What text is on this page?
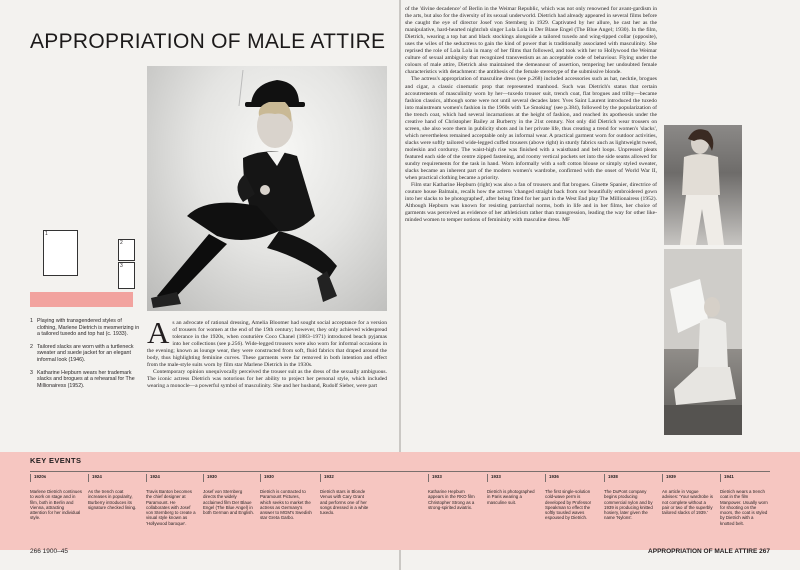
APPROPRIATION OF MALE ATTIRE
1
2
3

1 Playing with transgendered styles of clothing, Marlene Dietrich is mesmerizing in a tailored tuxedo and top hat (c. 1933).

2 Tailored slacks are worn with a turtleneck sweater and suede jacket for an elegant informal look (1946).

3 Katharine Hepburn wears her trademark slacks and brogues at a rehearsal for The Millionairess (1952).

As an advocate of rational dressing, Amelia Bloomer had sought social acceptance for a version of trousers for women at the end of the 19th century; however, they only achieved widespread tolerance in the 1920s, when couturière Coco Chanel (1883–1971) introduced beach pyjamas into her collections (see p.256). Wide-legged trousers were also worn for informal occasions in the evening; known as lounge wear, they were constructed from soft, fluid fabrics that draped around the body, thus highlighting feminine curves. These garments were far removed in both intention and effect from the male-style suits worn by film star Marlene Dietrich in the 1930s.

Contemporary opinion unequivocally perceived the trouser suit as the dress of the sexually ambiguous. The iconic actress Dietrich was notorious for her ability to project her personal style, which included wearing a monocle—a powerful symbol of masculinity. She and her husband, Rudolf Sieber, were part

of the 'divine decadence' of Berlin in the Weimar Republic, which was not only renowned for avant-gardism in the arts, but also for the diversity of its sexual underworld. Dietrich had already appeared in several films before she caught the eye of director Josef von Sternberg in 1929. Captivated by her allure, he cast her as the manipulative, hard-hearted nightclub singer Lola Lola in Der Blaue Engel (The Blue Angel; 1930). In the film, Dietrich, wearing a top hat and black stockings alongside a tailored tuxedo and wing-tipped collar (opposite), uses the wiles of the seductress to gain the kind of power that is traditionally associated with masculinity. She reprised the role of Lola Lola in many of her films that followed, and took with her to Hollywood the Weimar culture of sexual ambiguity that recognized transvestism as an acceptable code of behaviour. Flying under the colours of male attire, Dietrich also maintained the demeanour of assertion, tempering her undoubted female characteristics with detachment: the antithesis of the female stereotype of the submissive blonde.

The actress's appropriation of masculine dress (see p.268) included accessories such as hat, necktie, brogues and cigar, a classic cinematic prop that represented manhood. Such was Dietrich's status that certain accoutrements of masculinity worn by her—tuxedo trouser suit, trench coat, flat brogues and trilby—became fashion classics, although some were not until several decades later. Yves Saint Laurent introduced the tuxedo into mainstream women's fashion in the 1960s with 'Le Smoking' (see p.384), followed by the popularization of the trench coat, which had several incarnations at the height of fashion, and reached its apotheosis under the creative hand of Christopher Bailey at Burberry in the 21st century. Not only did Dietrich wear trousers on screen, she also wore them in publicity shots and in her private life, thus creating a trend for women's 'slacks', which nevertheless remained acceptable only as informal wear. A practical garment worn for outdoor activities, slacks were softly tailored wide-legged cuffed trousers (above right) in sturdy fabrics such as lightweight tweed, moleskin and corduroy. The waist-high rise was finished with a waistband and belt loops. Unpressed pleats featured each side of the centre zipped fastening, and roomy vertical pockets set into the side seams allowed for sundry requirements for the task in hand. Worn informally with a soft cotton blouse or simply styled sweater, slacks became an inherent part of the modern women's wardrobe, confirmed with the onset of World War II, when practical clothing became a priority.

Film star Katharine Hepburn (right) was also a fan of trousers and flat brogues. Ginette Spanier, directrice of couture house Balmain, recalls how the actress 'changed straight back from our beautifully embroidered gown into her slacks to be photographed', after being fitted for her part in the West End play The Millionairess (1952). Although Hepburn was known for resisting patriarchal norms, both in life and in her films, her choice of garments was perceived as evidence of her athleticism rather than transgression, leading the way for other like-minded women to temper notions of femininity with masculine dress. MF

KEY EVENTS
1920s
Marlene Dietrich continues to work on stage and in film, both in Berlin and Vienna, attracting attention for her individual style.
1924
As the trench coat increases in popularity, Burberry introduces its signature checked lining.
1924
Travis Banton becomes the chief designer at Paramount. He collaborates with Josef von Sternberg to create a visual style known as 'Hollywood baroque'.
1930
Josef von Sternberg directs the widely acclaimed film Der Blaue Engel (The Blue Angel) in both German and English.
1930
Dietrich is contracted to Paramount Pictures, which seeks to market the actress as Germany's answer to MGM's Swedish star Greta Garbo.
1932
Dietrich stars in Blonde Venus with Cary Grant and performs one of her songs dressed in a white tuxedo.
1933
Katharine Hepburn appears in the RKO film Christopher Strong as a strong-spirited aviatrix.
1933
Dietrich is photographed in Paris wearing a masculine suit.
1936
The first single-solution cold-wave perm is developed by Professor Speakman to effect the softly tousled waves espoused by Dietrich.
1938
The DuPont company begins producing commercial nylon and by 1939 is producing knitted hosiery, later given the name 'Nylons'.
1939
An article in Vogue advises: 'Your wardrobe is not complete without a pair or two of the superbly tailored slacks of 1939.'
1941
Dietrich wears a trench coat in the film Manpower. Usually worn for shooting on the moors, the coat is styled by Dietrich with a knotted belt.
266 1900–45	APPROPRIATION OF MALE ATTIRE 267
